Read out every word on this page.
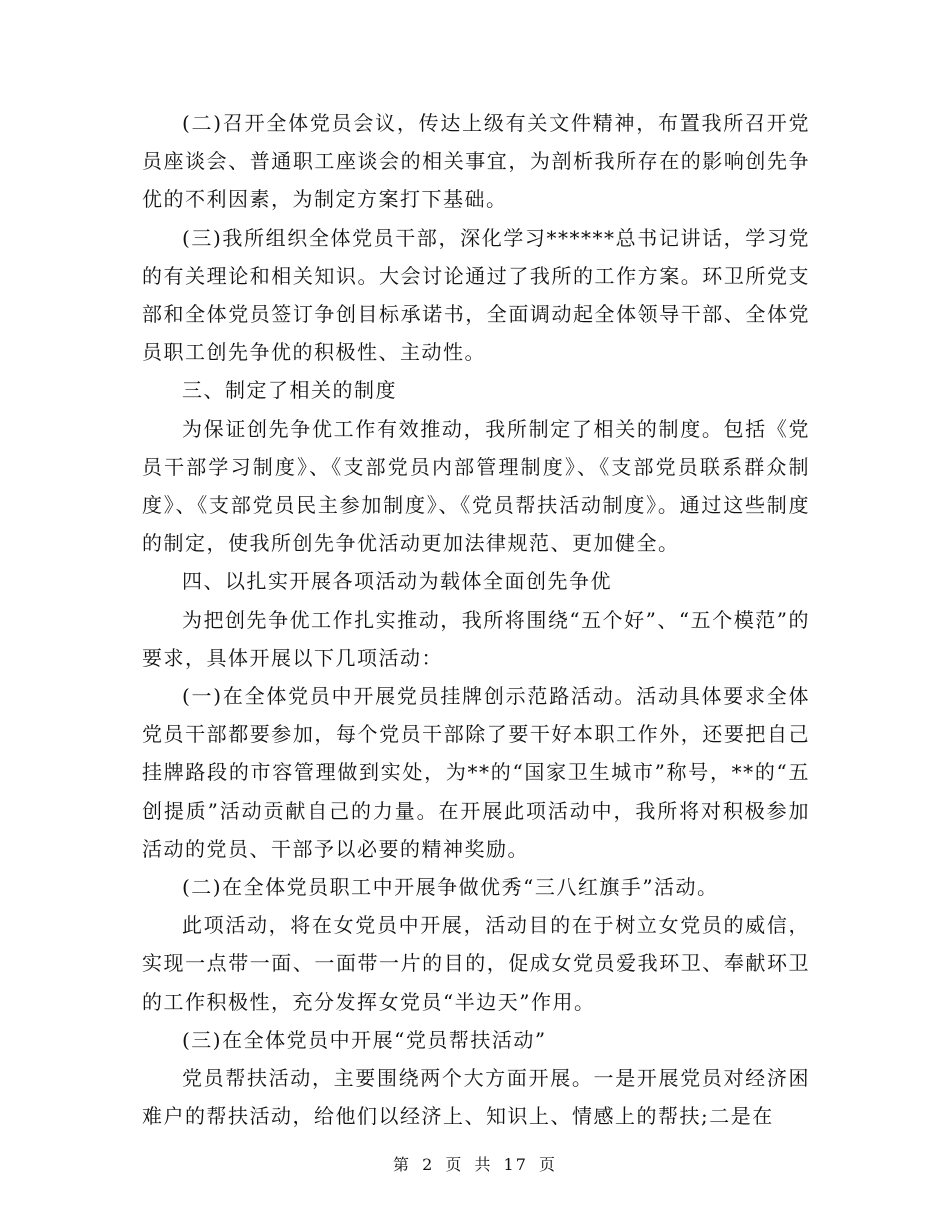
(二)召开全体党员会议，传达上级有关文件精神，布置我所召开党员座谈会、普通职工座谈会的相关事宜，为剖析我所存在的影响创先争优的不利因素，为制定方案打下基础。

(三)我所组织全体党员干部，深化学习******总书记讲话，学习党的有关理论和相关知识。大会讨论通过了我所的工作方案。环卫所党支部和全体党员签订争创目标承诺书，全面调动起全体领导干部、全体党员职工创先争优的积极性、主动性。

三、制定了相关的制度

为保证创先争优工作有效推动，我所制定了相关的制度。包括《党员干部学习制度》、《支部党员内部管理制度》、《支部党员联系群众制度》、《支部党员民主参加制度》、《党员帮扶活动制度》。通过这些制度的制定，使我所创先争优活动更加法律规范、更加健全。

四、以扎实开展各项活动为载体全面创先争优

为把创先争优工作扎实推动，我所将围绕“五个好”、“五个模范”的要求，具体开展以下几项活动：

(一)在全体党员中开展党员挂牌创示范路活动。活动具体要求全体党员干部都要参加，每个党员干部除了要干好本职工作外，还要把自己挂牌路段的市容管理做到实处，为**的“国家卫生城市”称号，**的“五创提质”活动贡献自己的力量。在开展此项活动中，我所将对积极参加活动的党员、干部予以必要的精神奖励。

(二)在全体党员职工中开展争做优秀“三八红旗手”活动。

此项活动，将在女党员中开展，活动目的在于树立女党员的威信，实现一点带一面、一面带一片的目的，促成女党员爱我环卫、奉献环卫的工作积极性，充分发挥女党员“半边天”作用。

(三)在全体党员中开展“党员帮扶活动”

党员帮扶活动，主要围绕两个大方面开展。一是开展党员对经济困难户的帮扶活动，给他们以经济上、知识上、情感上的帮扶;二是在

第 2 页 共 17 页
